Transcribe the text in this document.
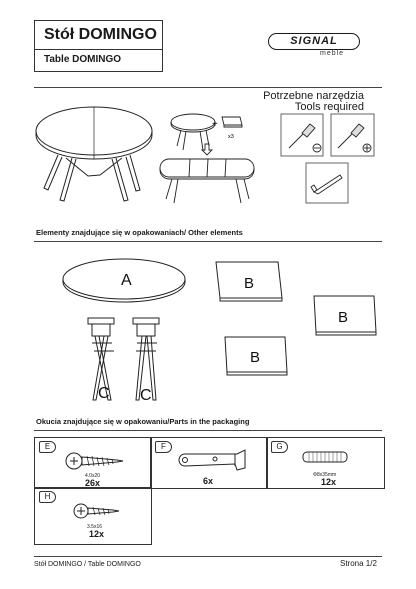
Stół DOMINGO
Table DOMINGO
SIGNAL
meble
Potrzebne narzędzia
Tools required
+
x3
Elementy znajdujące się w opakowaniach/ Other elements
A	B
B
B
C C
Okucia znajdujące się w opakowaniu/Parts in the packaging
E
4.0x20
26x
F
6x
G
Φ8x35mm
12x
H
3.5x16
12x
Stół DOMINGO / Table DOMINGO	Strona 1/2
